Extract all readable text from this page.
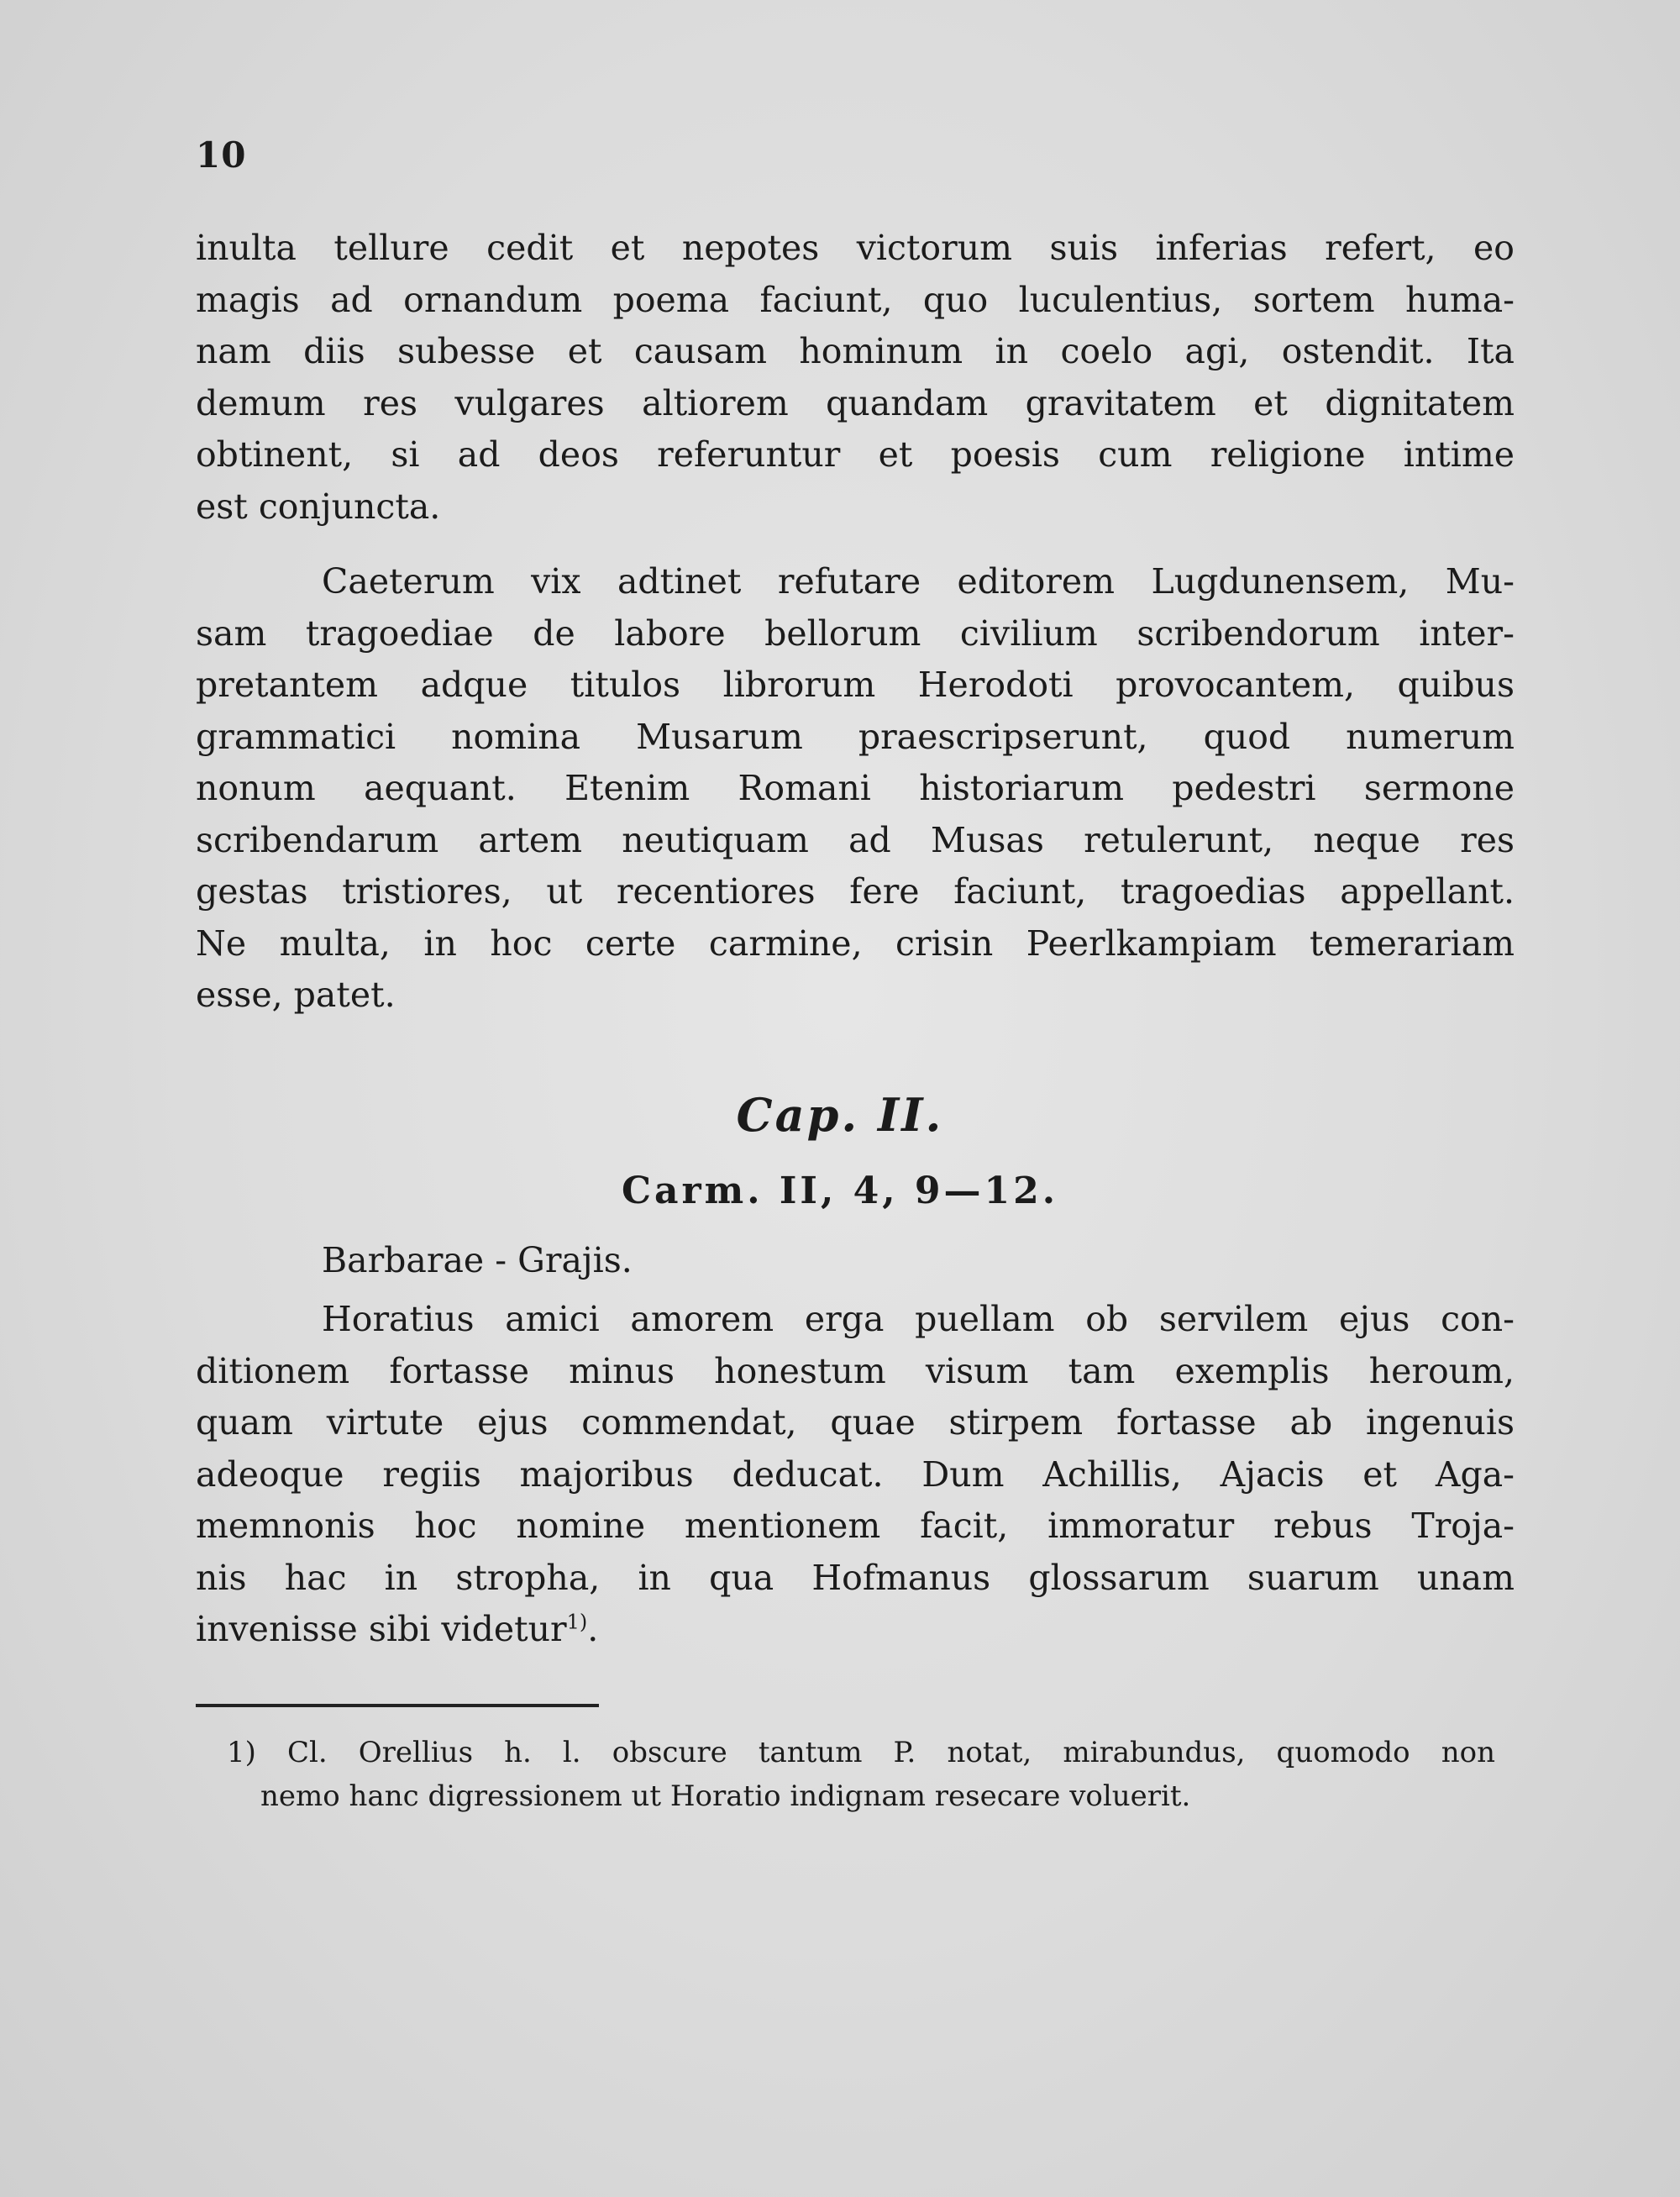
10

inulta tellure cedit et nepotes victorum suis inferias refert, eo
magis ad ornandum poema faciunt, quo luculentius, sortem huma-
nam diis subesse et causam hominum in coelo agi, ostendit. Ita
demum res vulgares altiorem quandam gravitatem et dignitatem
obtinent, si ad deos referuntur et poesis cum religione intime
est conjuncta.
Caeterum vix adtinet refutare editorem Lugdunensem, Mu-
sam tragoediae de labore bellorum civilium scribendorum inter-
pretantem adque titulos librorum Herodoti provocantem, quibus
grammatici nomina Musarum praescripserunt, quod numerum
nonum aequant. Etenim Romani historiarum pedestri sermone
scribendarum artem neutiquam ad Musas retulerunt, neque res
gestas tristiores, ut recentiores fere faciunt, tragoedias appellant.
Ne multa, in hoc certe carmine, crisin Peerlkampiam temerariam
esse, patet.
Cap. II.
Carm. II, 4, 9—12.

Barbarae - Grajis.

Horatius amici amorem erga puellam ob servilem ejus con-
ditionem fortasse minus honestum visum tam exemplis heroum,
quam virtute ejus commendat, quae stirpem fortasse ab ingenuis
adeoque regiis majoribus deducat. Dum Achillis, Ajacis et Aga-
memnonis hoc nomine mentionem facit, immoratur rebus Troja-
nis hac in stropha, in qua Hofmanus glossarum suarum unam
invenisse sibi videtur$^{1)}$.
1) Cl. Orellius h. l. obscure tantum P. notat, mirabundus, quomodo non
nemo hanc digressionem ut Horatio indignam resecare voluerit.
